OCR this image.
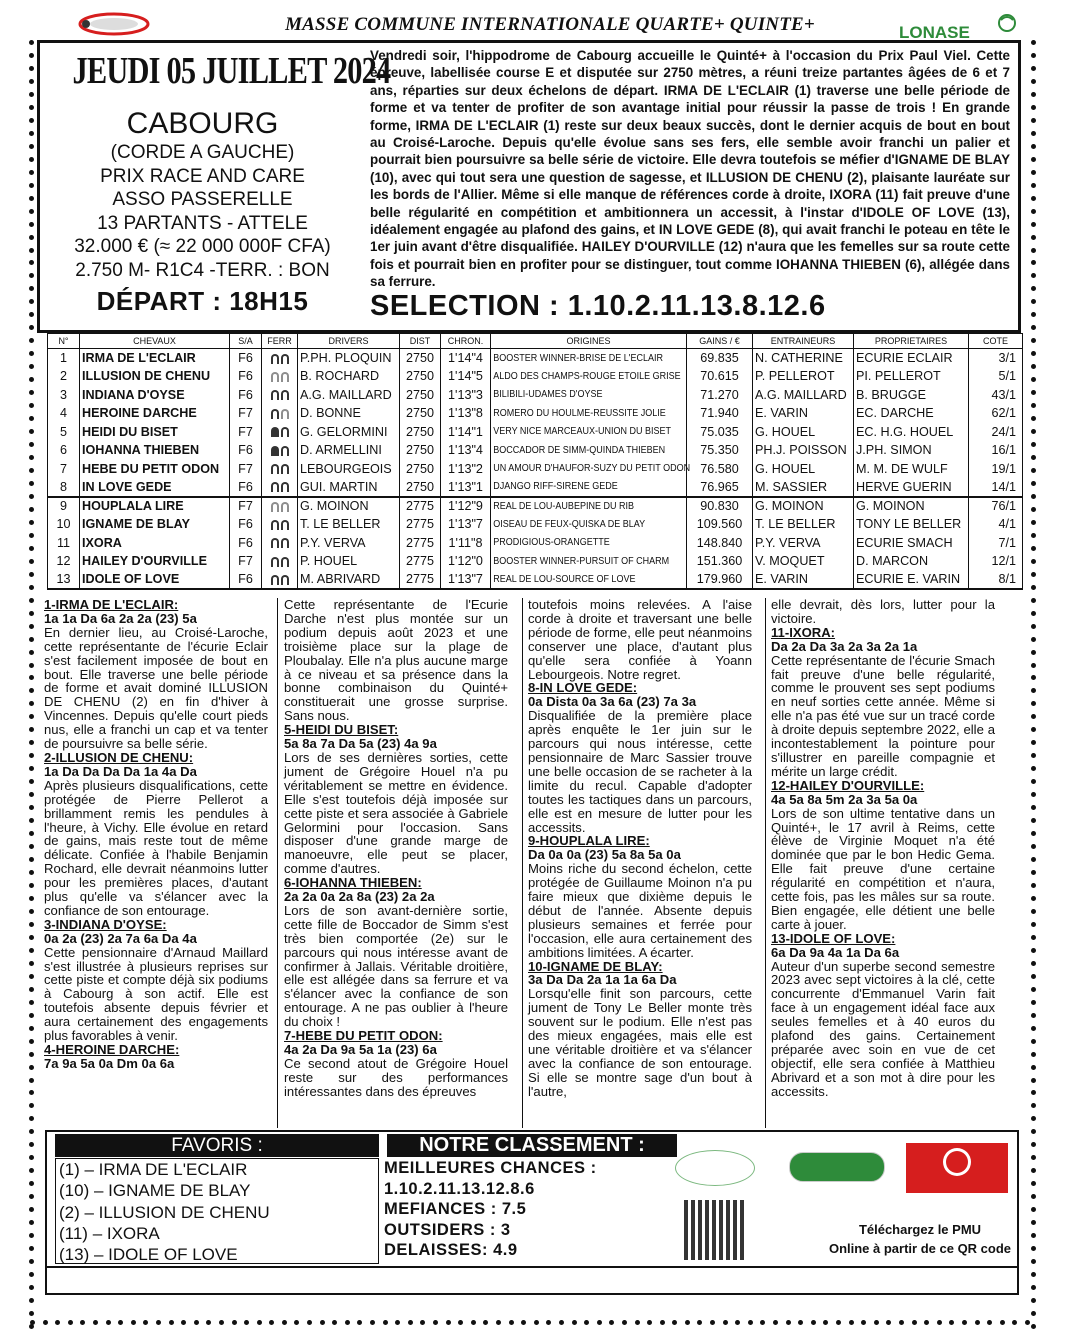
MASSE COMMUNE INTERNATIONALE QUARTE+ QUINTE+	LONASE
JEUDI 05 JUILLET 2024
CABOURG
(CORDE A GAUCHE)
PRIX RACE AND CARE
ASSO PASSERELLE
13 PARTANTS - ATTELE
32.000 € (≈ 22 000 000F CFA)
2.750 M- R1C4 -TERR. : BON
DÉPART : 18H15
Vendredi soir, l'hippodrome de Cabourg accueille le Quinté+ à l'occasion du Prix Paul Viel. Cette épreuve, labellisée course E et disputée sur 2750 mètres, a réuni treize partantes âgées de 6 et 7 ans, réparties sur deux échelons de départ. IRMA DE L'ECLAIR (1) traverse une belle période de forme et va tenter de profiter de son avantage initial pour réussir la passe de trois ! En grande forme, IRMA DE L'ECLAIR (1) reste sur deux beaux succès, dont le dernier acquis de bout en bout au Croisé-Laroche. Depuis qu'elle évolue sans ses fers, elle semble avoir franchi un palier et pourrait bien poursuivre sa belle série de victoire. Elle devra toutefois se méfier d'IGNAME DE BLAY (10), avec qui tout sera une question de sagesse, et ILLUSION DE CHENU (2), plaisante lauréate sur les bords de l'Allier. Même si elle manque de références corde à droite, IXORA (11) fait preuve d'une belle régularité en compétition et ambitionnera un accessit, à l'instar d'IDOLE OF LOVE (13), idéalement engagée au plafond des gains, et IN LOVE GEDE (8), qui avait franchi le poteau en tête le 1er juin avant d'être disqualifiée. HAILEY D'OURVILLE (12) n'aura que les femelles sur sa route cette fois et pourrait bien en profiter pour se distinguer, tout comme IOHANNA THIEBEN (6), allégée dans sa ferrure.
SELECTION : 1.10.2.11.13.8.12.6
N°	CHEVAUX	S/A	FERR	DRIVERS	DIST	CHRON.	ORIGINES	GAINS / €	ENTRAINEURS	PROPRIETAIRES	COTE
1	IRMA DE L'ECLAIR	F6		P.PH. PLOQUIN	2750	1'14"4	BOOSTER WINNER-BRISE DE L'ECLAIR	69.835	N. CATHERINE	ECURIE ECLAIR	3/1
2	ILLUSION DE CHENU	F6		B. ROCHARD	2750	1'14"5	ALDO DES CHAMPS-ROUGE ETOILE GRISE	70.615	P. PELLEROT	PI. PELLEROT	5/1
3	INDIANA D'OYSE	F6		A.G. MAILLARD	2750	1'13"3	BILIBILI-UDAMES D'OYSE	71.270	A.G. MAILLARD	B. BRUGGE	43/1
4	HEROINE DARCHE	F7		D. BONNE	2750	1'13"8	ROMERO DU HOULME-REUSSITE JOLIE	71.940	E. VARIN	EC. DARCHE	62/1
5	HEIDI DU BISET	F7		G. GELORMINI	2750	1'14"1	VERY NICE MARCEAUX-UNION DU BISET	75.035	G. HOUEL	EC. H.G. HOUEL	24/1
6	IOHANNA THIEBEN	F6		D. ARMELLINI	2750	1'13"4	BOCCADOR DE SIMM-QUINDA THIEBEN	75.350	PH.J. POISSON	J.PH. SIMON	16/1
7	HEBE DU PETIT ODON	F7		LEBOURGEOIS	2750	1'13"2	UN AMOUR D'HAUFOR-SUZY DU PETIT ODON	76.580	G. HOUEL	M. M. DE WULF	19/1
8	IN LOVE GEDE	F6		GUI. MARTIN	2750	1'13"1	DJANGO RIFF-SIRENE GEDE	76.965	M. SASSIER	HERVE GUERIN	14/1
9	HOUPLALA LIRE	F7		G. MOINON	2775	1'12"9	REAL DE LOU-AUBEPINE DU RIB	90.830	G. MOINON	G. MOINON	76/1
10	IGNAME DE BLAY	F6		T. LE BELLER	2775	1'13"7	OISEAU DE FEUX-QUISKA DE BLAY	109.560	T. LE BELLER	TONY LE BELLER	4/1
11	IXORA	F6		P.Y. VERVA	2775	1'11"8	PRODIGIOUS-ORANGETTE	148.840	P.Y. VERVA	ECURIE SMACH	7/1
12	HAILEY D'OURVILLE	F7		P. HOUEL	2775	1'12"0	BOOSTER WINNER-PURSUIT OF CHARM	151.360	V. MOQUET	D. MARCON	12/1
13	IDOLE OF LOVE	F6		M. ABRIVARD	2775	1'13"7	REAL DE LOU-SOURCE OF LOVE	179.960	E. VARIN	ECURIE E. VARIN	8/1
1-IRMA DE L'ECLAIR:
1a 1a Da 6a 2a 2a (23) 5a
En dernier lieu, au Croisé-Laroche, cette représentante de l'écurie Eclair s'est facilement imposée de bout en bout. Elle traverse une belle période de forme et avait dominé ILLUSION DE CHENU (2) en fin d'hiver à Vincennes. Depuis qu'elle court pieds nus, elle a franchi un cap et va tenter de poursuivre sa belle série.
2-ILLUSION DE CHENU:
1a Da Da Da Da 1a 4a Da
Après plusieurs disqualifications, cette protégée de Pierre Pellerot a brillamment remis les pendules à l'heure, à Vichy. Elle évolue en retard de gains, mais reste tout de même délicate. Confiée à l'habile Benjamin Rochard, elle devrait néanmoins lutter pour les premières places, d'autant plus qu'elle va s'élancer avec la confiance de son entourage.
3-INDIANA D'OYSE:
0a 2a (23) 2a 7a 6a Da 4a
Cette pensionnaire d'Arnaud Maillard s'est illustrée à plusieurs reprises sur cette piste et compte déjà six podiums à Cabourg à son actif. Elle est toutefois absente depuis février et aura certainement des engagements plus favorables à venir.
4-HEROINE DARCHE:
7a 9a 5a 0a Dm 0a 6a
Cette représentante de l'Ecurie Darche n'est plus montée sur un podium depuis août 2023 et une troisième place sur la plage de Ploubalay. Elle n'a plus aucune marge à ce niveau et sa présence dans la bonne combinaison du Quinté+ constituerait une grosse surprise. Sans nous.
5-HEIDI DU BISET:
5a 8a 7a Da 5a (23) 4a 9a
Lors de ses dernières sorties, cette jument de Grégoire Houel n'a pu véritablement se mettre en évidence. Elle s'est toutefois déjà imposée sur cette piste et sera associée à Gabriele Gelormini pour l'occasion. Sans disposer d'une grande marge de manoeuvre, elle peut se placer, comme d'autres.
6-IOHANNA THIEBEN:
2a 2a 0a 2a 8a (23) 2a 2a
Lors de son avant-dernière sortie, cette fille de Boccador de Simm s'est très bien comportée (2e) sur le parcours qui nous intéresse avant de confirmer à Jallais. Véritable droitière, elle est allégée dans sa ferrure et va s'élancer avec la confiance de son entourage. A ne pas oublier à l'heure du choix !
7-HEBE DU PETIT ODON:
4a 2a Da 9a 5a 1a (23) 6a
Ce second atout de Grégoire Houel reste sur des performances intéressantes dans des épreuves
toutefois moins relevées. A l'aise corde à droite et traversant une belle période de forme, elle peut néanmoins conserver une place, d'autant plus qu'elle sera confiée à Yoann Lebourgeois. Notre regret.
8-IN LOVE GEDE:
0a Dista 0a 3a 6a (23) 7a 3a
Disqualifiée de la première place après enquête le 1er juin sur le parcours qui nous intéresse, cette pensionnaire de Marc Sassier trouve une belle occasion de se racheter à la limite du recul. Capable d'adopter toutes les tactiques dans un parcours, elle est en mesure de lutter pour les accessits.
9-HOUPLALA LIRE:
Da 0a 0a (23) 5a 8a 5a 0a
Moins riche du second échelon, cette protégée de Guillaume Moinon n'a pu faire mieux que dixième depuis le début de l'année. Absente depuis plusieurs semaines et ferrée pour l'occasion, elle aura certainement des ambitions limitées. A écarter.
10-IGNAME DE BLAY:
3a Da Da 2a 1a 1a 6a Da
Lorsqu'elle finit son parcours, cette jument de Tony Le Beller monte très souvent sur le podium. Elle n'est pas des mieux engagées, mais elle est une véritable droitière et va s'élancer avec la confiance de son entourage. Si elle se montre sage d'un bout à l'autre,
elle devrait, dès lors, lutter pour la victoire.
11-IXORA:
Da 2a Da 3a 2a 3a 2a 1a
Cette représentante de l'écurie Smach fait preuve d'une belle régularité, comme le prouvent ses sept podiums en neuf sorties cette année. Même si elle n'a pas été vue sur un tracé corde à droite depuis septembre 2022, elle a incontestablement la pointure pour s'illustrer en pareille compagnie et mérite un large crédit.
12-HAILEY D'OURVILLE:
4a 5a 8a 5m 2a 3a 5a 0a
Lors de son ultime tentative dans un Quinté+, le 17 avril à Reims, cette élève de Virginie Moquet n'a été dominée que par le bon Hedic Gema. Elle fait preuve d'une certaine régularité en compétition et n'aura, cette fois, pas les mâles sur sa route. Bien engagée, elle détient une belle carte à jouer.
13-IDOLE OF LOVE:
6a Da 9a 4a 1a Da 6a
Auteur d'un superbe second semestre 2023 avec sept victoires à la clé, cette concurrente d'Emmanuel Varin fait face à un engagement idéal face aux seules femelles et à 40 euros du plafond des gains. Certainement préparée avec soin en vue de cet objectif, elle sera confiée à Matthieu Abrivard et a son mot à dire pour les accessits.
FAVORIS :
(1) – IRMA DE L'ECLAIR
(10) – IGNAME DE BLAY
(2) – ILLUSION DE CHENU
(11) – IXORA
(13) – IDOLE OF LOVE
NOTRE CLASSEMENT :
MEILLEURES CHANCES :
1.10.2.11.13.12.8.6
MEFIANCES : 7.5
OUTSIDERS : 3
DELAISSES: 4.9
Téléchargez le PMU
Online à partir de ce QR code
